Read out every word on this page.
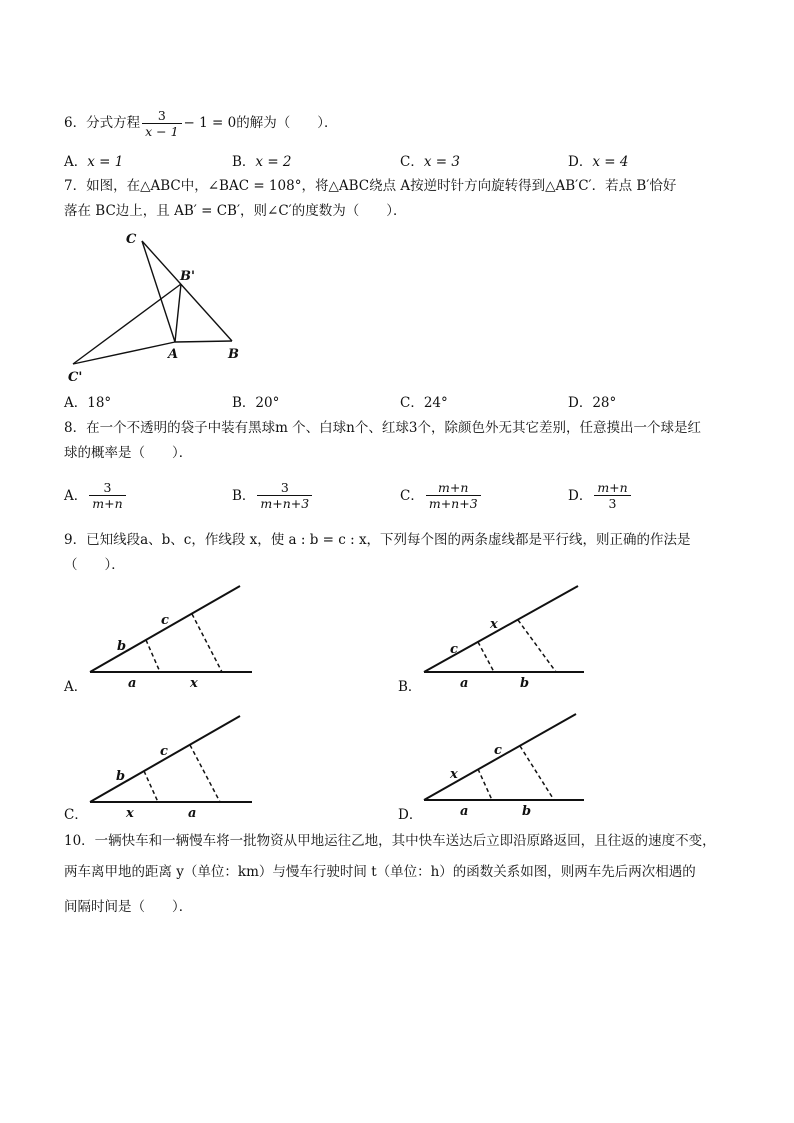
6．分式方程 $\frac{3}{x - 1} - 1 = 0$的解为（　　）．
A．x = 1	B．x = 2	C．x = 3	D．x = 4
7．如图，在△ABC中，∠BAC = 108°，将△ABC绕点 A按逆时针方向旋转得到△AB′C′．若点 B′恰好
落在 BC边上，且 AB′ = CB′，则∠C′的度数为（　　）．
C
B'
A	B
C'
A．18°	B．20°	C．24°	D．28°
8．在一个不透明的袋子中装有黑球m 个、白球n个、红球3个，除颜色外无其它差别，任意摸出一个球是红
球的概率是（　　）．
A． $\frac{3}{m+n}$	B． $\frac{3}{m+n+3}$	C． $\frac{m+n}{m+n+3}$	D． $\frac{m+n}{3}$
9．已知线段a、b、c，作线段 x，使 a : b = c : x，下列每个图的两条虚线都是平行线，则正确的作法是
（　　）．
A．
b
c
a	x	B．
c
x
a	b
C．
b
c
x	a	D．
x
c
a	b
10．一辆快车和一辆慢车将一批物资从甲地运往乙地，其中快车送达后立即沿原路返回，且往返的速度不变，
两车离甲地的距离 y（单位：km）与慢车行驶时间 t（单位：h）的函数关系如图，则两车先后两次相遇的
间隔时间是（　　）．
